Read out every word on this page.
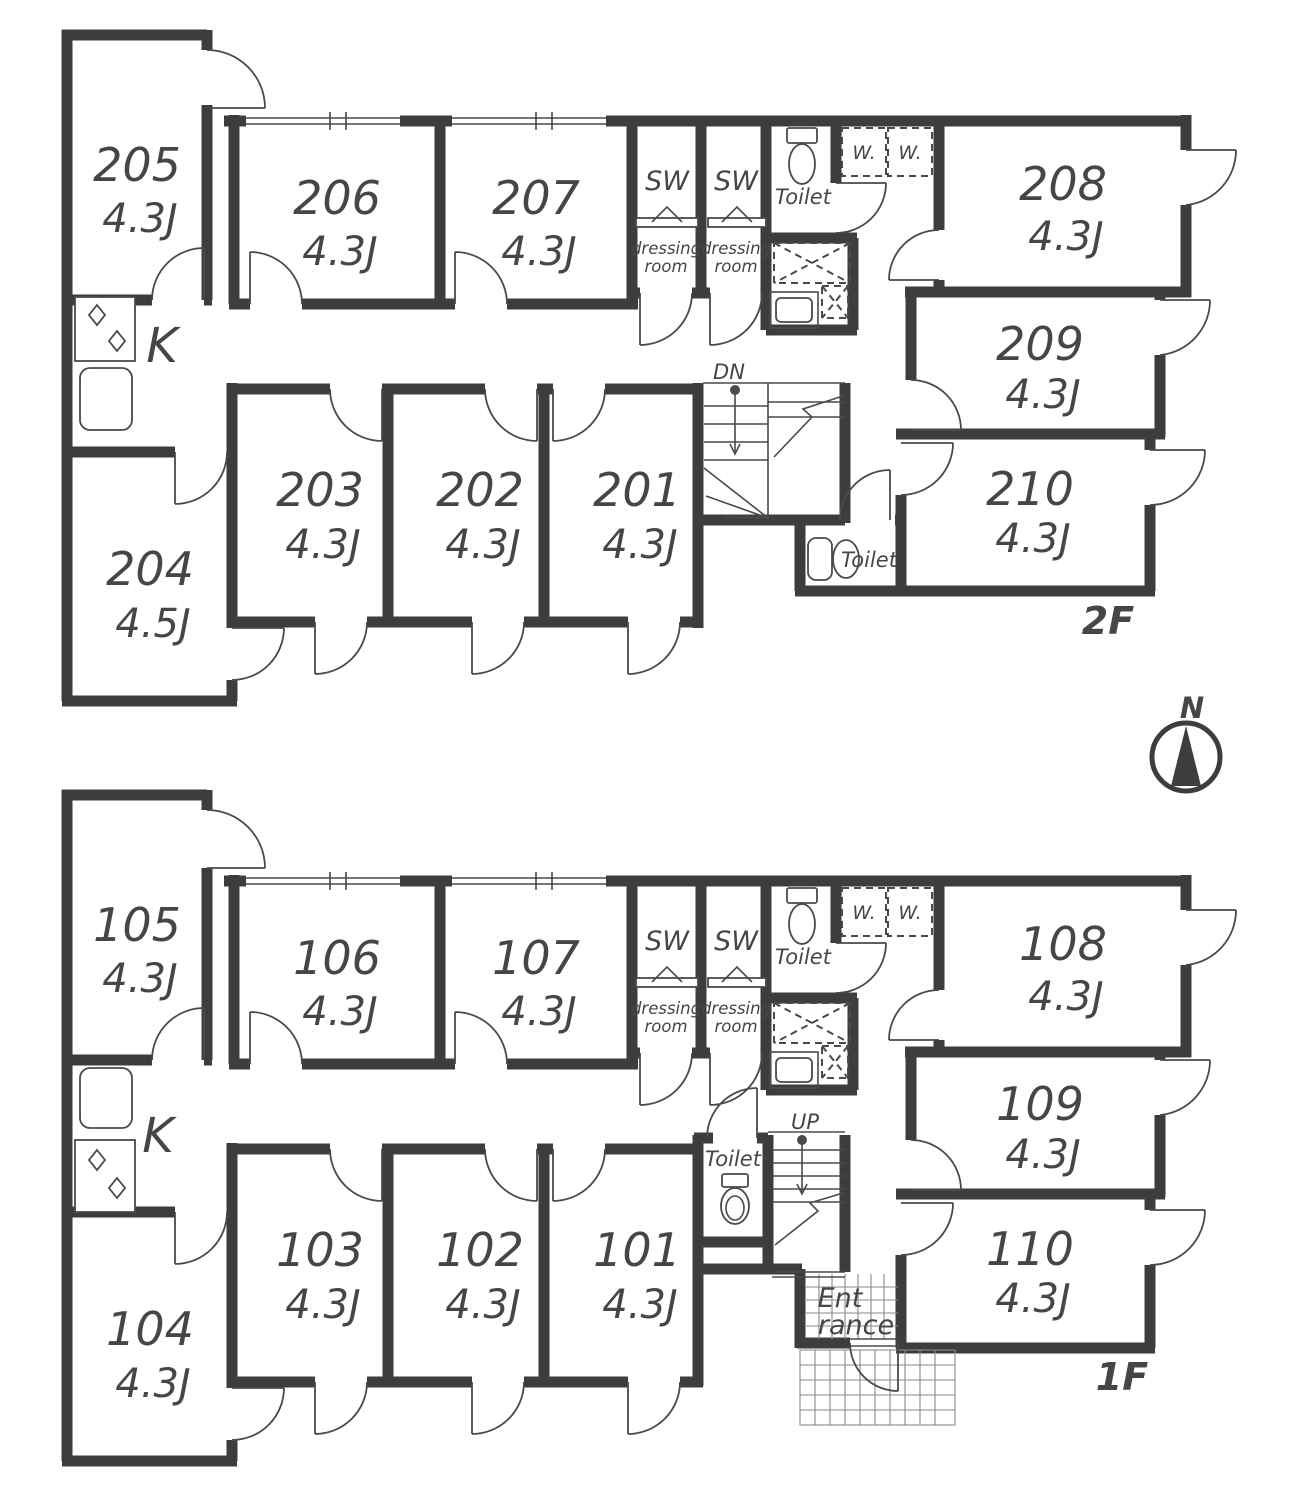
205
4.3J	206
4.3J
207
4.3J
208
4.3J
209
4.3J
210
4.3J
204
4.5J
203
4.3J
202
4.3J
201
4.3J
K
SW SW
dressing
room
dressing
room
Toilet
Toilet
W. W.
DN
2F
N
105
4.3J	106
4.3J
107
4.3J
108
4.3J
109
4.3J
110
4.3J
104
4.3J
103
4.3J
102
4.3J
101
4.3J
K
SW SW
dressing
room
dressing
room
Toilet
Toilet
W. W.
UP
Ent
rance
1F
